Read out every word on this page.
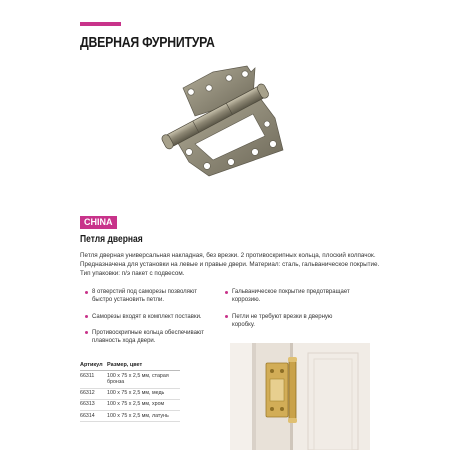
ДВЕРНАЯ ФУРНИТУРА
CHINA
Петля дверная
Петля дверная универсальная накладная, без врезки. 2 противоскрипных кольца, плоский колпачок. Предназначена для установки на левые и правые двери. Материал: сталь, гальваническое покрытие. Тип упаковки: п/э пакет с подвесом.
8 отверстий под саморезы позволяют быстро установить петли.
Саморезы входят в комплект поставки.
Противоскрипные кольца обеспечивают плавность хода двери.
Гальваническое покрытие предотвращает коррозию.
Петли не требуют врезки в дверную коробку.
Артикул Размер, цвет
66311	100 x 75 x 2,5 мм, старая бронза
66312	100 x 75 x 2,5 мм, медь
66313	100 x 75 x 2,5 мм, хром
66314	100 x 75 x 2,5 мм, латунь
